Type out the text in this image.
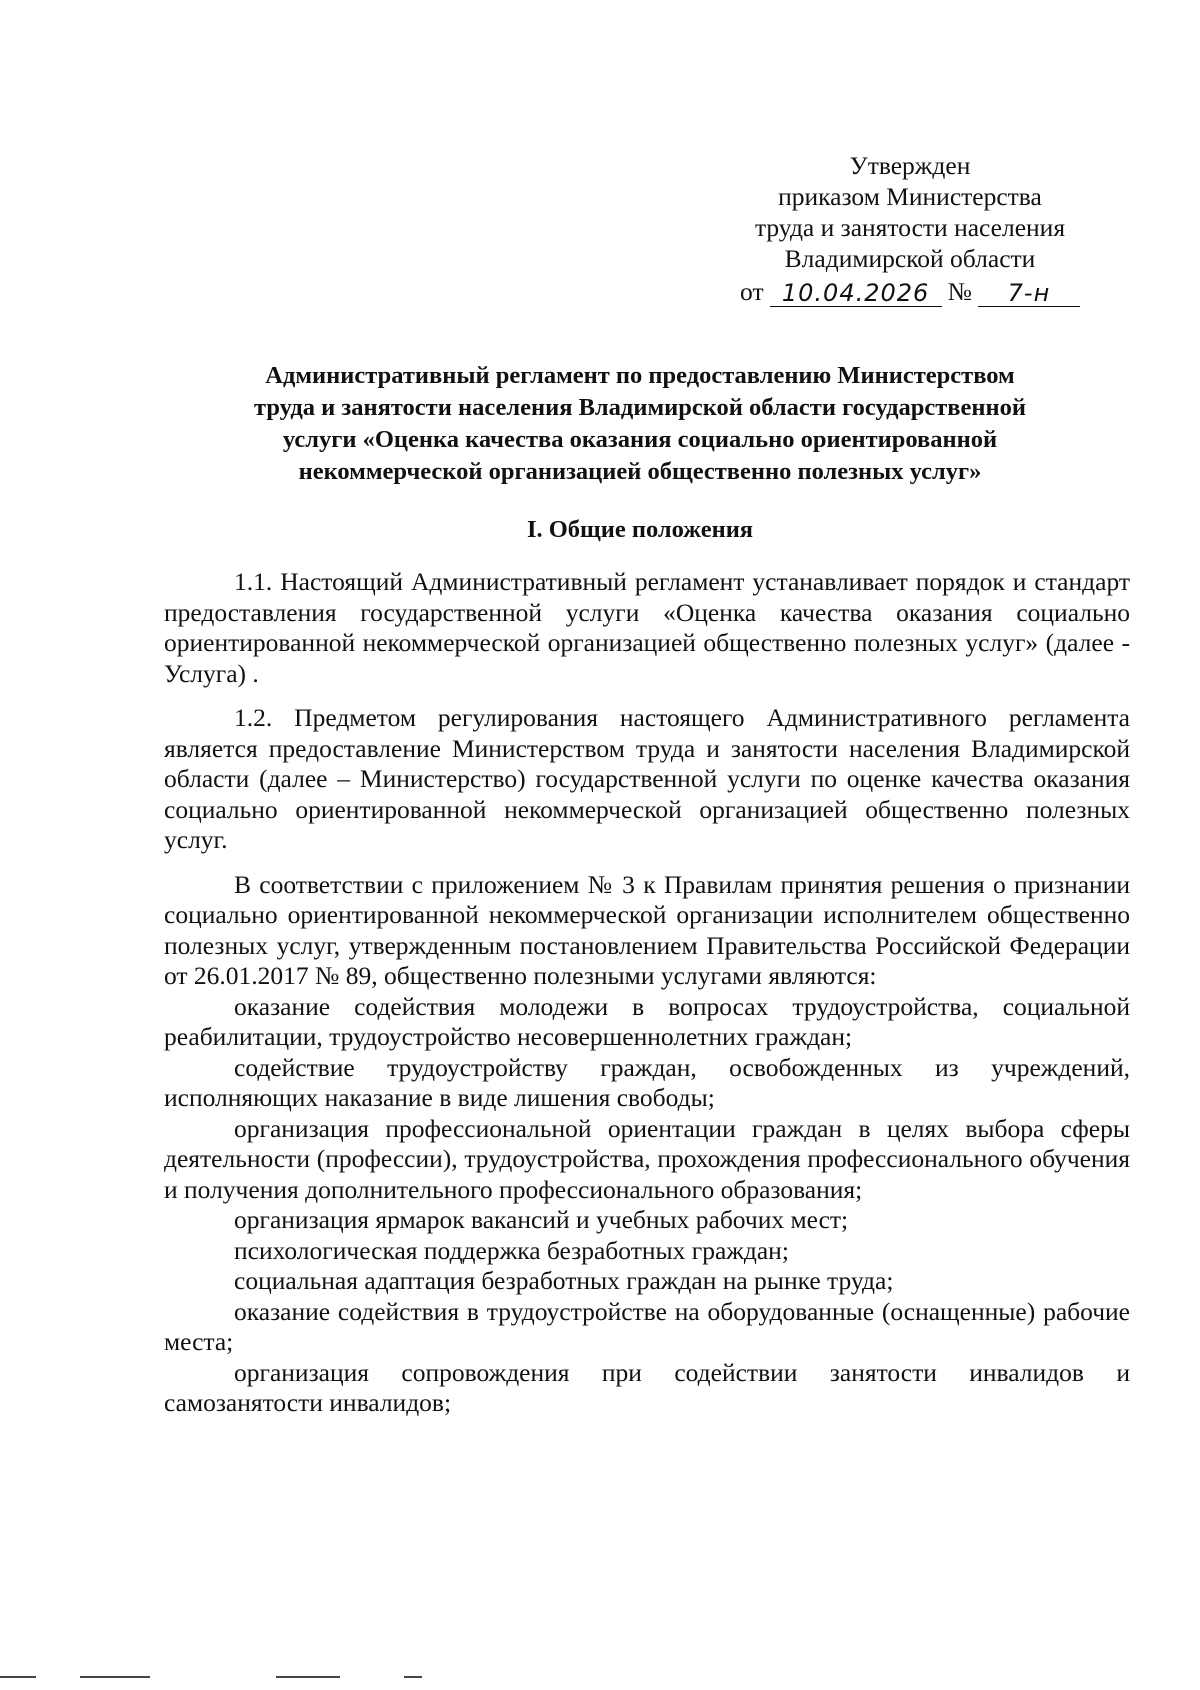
Утвержден
приказом Министерства
труда и занятости населения
Владимирской области
от 10.04.2026 №	7-н
Административный регламент по предоставлению Министерством
труда и занятости населения Владимирской области государственной
услуги «Оценка качества оказания социально ориентированной
некоммерческой организацией общественно полезных услуг»
I. Общие положения

1.1. Настоящий Административный регламент устанавливает порядок и стандарт предоставления государственной услуги «Оценка качества оказания социально ориентированной некоммерческой организацией общественно полезных услуг» (далее - Услуга) .

1.2. Предметом регулирования настоящего Административного регламента является предоставление Министерством труда и занятости населения Владимирской области (далее – Министерство) государственной услуги по оценке качества оказания социально ориентированной некоммерческой организацией общественно полезных услуг.

В соответствии с приложением № 3 к Правилам принятия решения о признании социально ориентированной некоммерческой организации исполнителем общественно полезных услуг, утвержденным постановлением Правительства Российской Федерации от 26.01.2017 № 89, общественно полезными услугами являются:

оказание содействия молодежи в вопросах трудоустройства, социальной реабилитации, трудоустройство несовершеннолетних граждан;

содействие трудоустройству граждан, освобожденных из учреждений, исполняющих наказание в виде лишения свободы;

организация профессиональной ориентации граждан в целях выбора сферы деятельности (профессии), трудоустройства, прохождения профессионального обучения и получения дополнительного профессионального образования;

организация ярмарок вакансий и учебных рабочих мест;

психологическая поддержка безработных граждан;

социальная адаптация безработных граждан на рынке труда;

оказание содействия в трудоустройстве на оборудованные (оснащенные) рабочие места;

организация сопровождения при содействии занятости инвалидов и самозанятости инвалидов;
